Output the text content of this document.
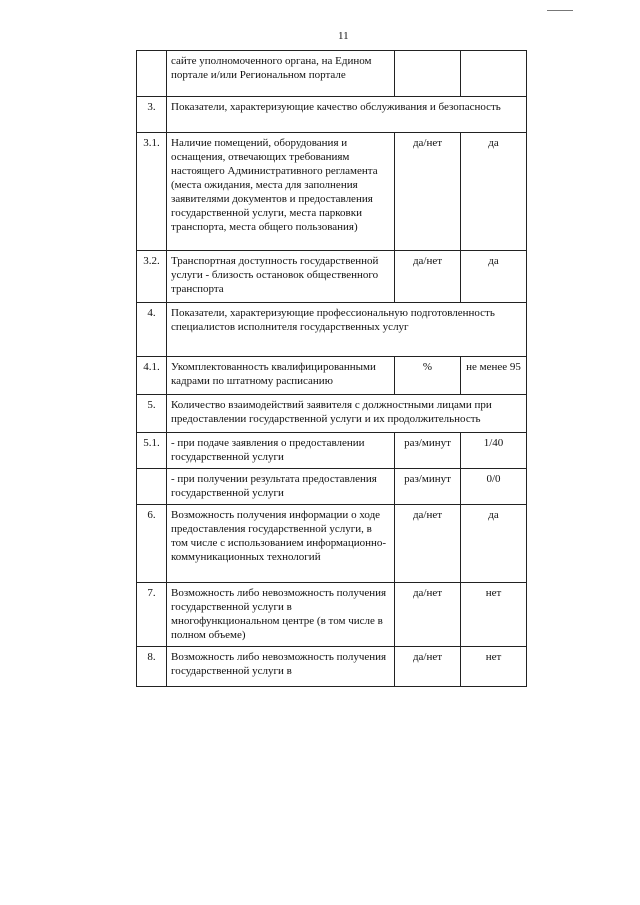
11
	сайте уполномоченного органа, на Едином портале и/или Региональном портале		
3.	Показатели, характеризующие качество обслуживания и безопасность		
3.1.	Наличие помещений, оборудования и оснащения, отвечающих требованиям настоящего Административного регламента (места ожидания, места для заполнения заявителями документов и предоставления государственной услуги, места парковки транспорта, места общего пользования)	да/нет	да
3.2.	Транспортная доступность государственной услуги - близость остановок общественного транспорта	да/нет	да
4.	Показатели, характеризующие профессиональную подготовленность специалистов исполнителя государственных услуг		
4.1.	Укомплектованность квалифицированными кадрами по штатному расписанию	%	не менее 95
5.	Количество взаимодействий заявителя с должностными лицами при предоставлении государственной услуги и их продолжительность		
5.1.	- при подаче заявления о предоставлении государственной услуги	раз/минут	1/40
	- при получении результата предоставления государственной услуги	раз/минут	0/0
6.	Возможность получения информации о ходе предоставления государственной услуги, в том числе с использованием информационно-коммуникационных технологий	да/нет	да
7.	Возможность либо невозможность получения государственной услуги в многофункциональном центре (в том числе в полном объеме)	да/нет	нет
8.	Возможность либо невозможность получения государственной услуги в	да/нет	нет
